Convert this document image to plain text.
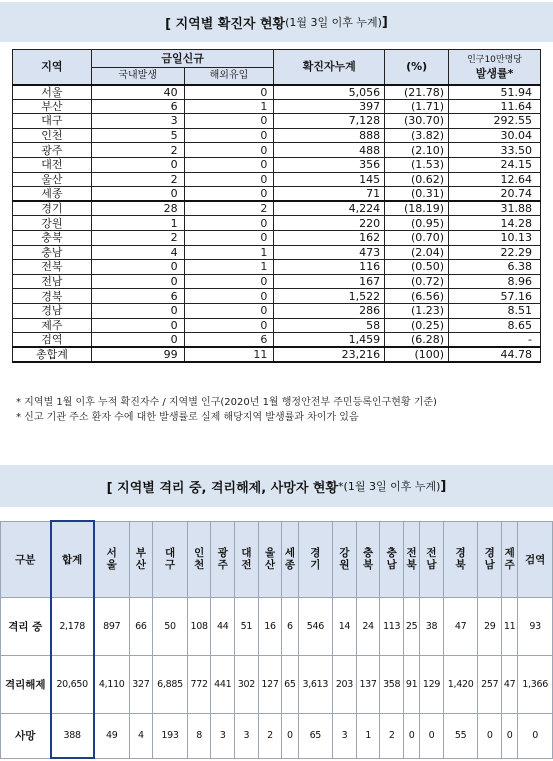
[ 지역별 확진자 현황 (1월 3일 이후 누계) ]
지역	금일신규		확진자누계	(%)	인구10만명당
발생률*
	국내발생	해외유입			
서울	40	0	5,056	(21.78)	51.94
부산	6	1	397	(1.71)	11.64
대구	3	0	7,128	(30.70)	292.55
인천	5	0	888	(3.82)	30.04
광주	2	0	488	(2.10)	33.50
대전	0	0	356	(1.53)	24.15
울산	2	0	145	(0.62)	12.64
세종	0	0	71	(0.31)	20.74
경기	28	2	4,224	(18.19)	31.88
강원	1	0	220	(0.95)	14.28
충북	2	0	162	(0.70)	10.13
충남	4	1	473	(2.04)	22.29
전북	0	1	116	(0.50)	6.38
전남	0	0	167	(0.72)	8.96
경북	6	0	1,522	(6.56)	57.16
경남	0	0	286	(1.23)	8.51
제주	0	0	58	(0.25)	8.65
검역	0	6	1,459	(6.28)	-
총합계	99	11	23,216	(100)	44.78
* 지역별 1월 이후 누적 확진자수 / 지역별 인구(2020년 1월 행정안전부 주민등록인구현황 기준)
* 신고 기관 주소 환자 수에 대한 발생률로 실제 해당지역 발생률과 차이가 있음
[ 지역별 격리 중, 격리해제, 사망자 현황 *(1월 3일 이후 누계) ]
구분	합계	서울	부산	대구	인천	광주	대전	울산	세종	경기	강원	충북	충남	전북	전남	경북	경남	제주	검역
격리 중	2,178	897	66	50	108	44	51	16	6	546	14	24	113	25	38	47	29	11	93
격리해제	20,650	4,110	327	6,885	772	441	302	127	65	3,613	203	137	358	91	129	1,420	257	47	1,366
사망	388	49	4	193	8	3	3	2	0	65	3	1	2	0	0	55	0	0	0
